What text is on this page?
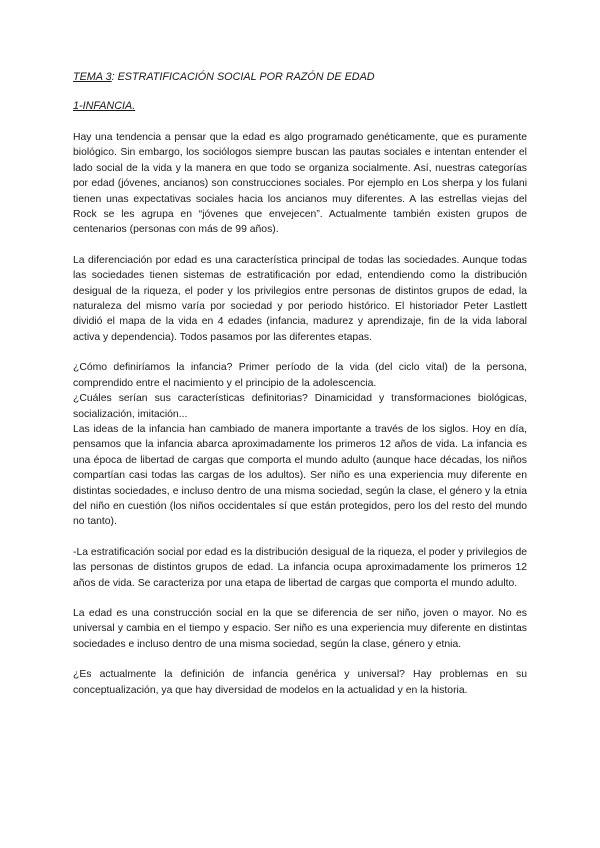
TEMA 3: ESTRATIFICACIÓN SOCIAL POR RAZÓN DE EDAD
1-INFANCIA.

Hay una tendencia a pensar que la edad es algo programado genéticamente, que es puramente biológico. Sin embargo, los sociólogos siempre buscan las pautas sociales e intentan entender el lado social de la vida y la manera en que todo se organiza socialmente. Así, nuestras categorías por edad (jóvenes, ancianos) son construcciones sociales. Por ejemplo en Los sherpa y los fulani tienen unas expectativas sociales hacia los ancianos muy diferentes. A las estrellas viejas del Rock se les agrupa en “jóvenes que envejecen”. Actualmente también existen grupos de centenarios (personas con más de 99 años).

La diferenciación por edad es una característica principal de todas las sociedades. Aunque todas las sociedades tienen sistemas de estratificación por edad, entendiendo como la distribución desigual de la riqueza, el poder y los privilegios entre personas de distintos grupos de edad, la naturaleza del mismo varía por sociedad y por periodo histórico. El historiador Peter Lastlett dividió el mapa de la vida en 4 edades (infancia, madurez y aprendizaje, fin de la vida laboral activa y dependencia). Todos pasamos por las diferentes etapas.

¿Cómo definiríamos la infancia? Primer período de la vida (del ciclo vital) de la persona, comprendido entre el nacimiento y el principio de la adolescencia.

¿Cuáles serían sus características definitorias? Dinamicidad y transformaciones biológicas, socialización, imitación...

Las ideas de la infancia han cambiado de manera importante a través de los siglos. Hoy en día, pensamos que la infancia abarca aproximadamente los primeros 12 años de vida. La infancia es una época de libertad de cargas que comporta el mundo adulto (aunque hace décadas, los niños compartían casi todas las cargas de los adultos). Ser niño es una experiencia muy diferente en distintas sociedades, e incluso dentro de una misma sociedad, según la clase, el género y la etnia del niño en cuestión (los niños occidentales sí que están protegidos, pero los del resto del mundo no tanto).

-La estratificación social por edad es la distribución desigual de la riqueza, el poder y privilegios de las personas de distintos grupos de edad. La infancia ocupa aproximadamente los primeros 12 años de vida. Se caracteriza por una etapa de libertad de cargas que comporta el mundo adulto.

La edad es una construcción social en la que se diferencia de ser niño, joven o mayor. No es universal y cambia en el tiempo y espacio. Ser niño es una experiencia muy diferente en distintas sociedades e incluso dentro de una misma sociedad, según la clase, género y etnia.

¿Es actualmente la definición de infancia genérica y universal? Hay problemas en su conceptualización, ya que hay diversidad de modelos en la actualidad y en la historia.
